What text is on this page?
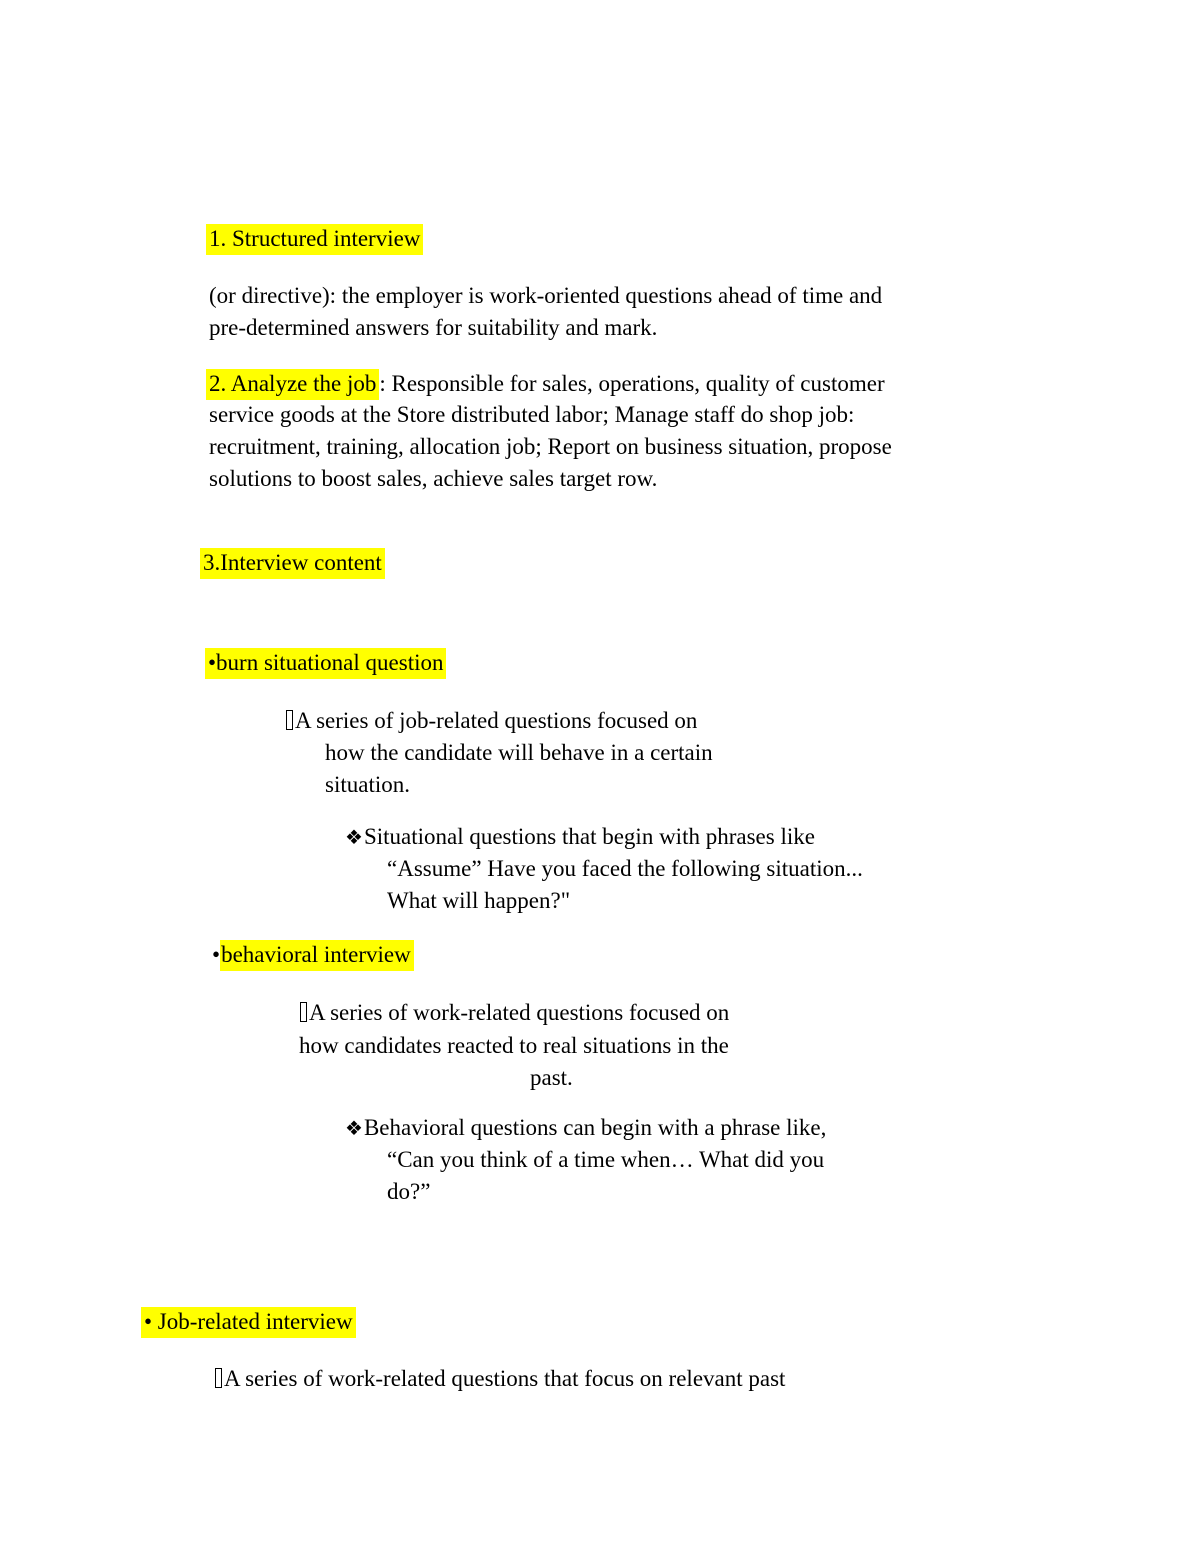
1. Structured interview
(or directive): the employer is work-oriented questions ahead of time and
pre-determined answers for suitability and mark.
2. Analyze the job : Responsible for sales, operations, quality of customer
service goods at the Store distributed labor; Manage staff do shop job:
recruitment, training, allocation job; Report on business situation, propose
solutions to boost sales, achieve sales target row.
3.Interview content
•burn situational question
A series of job-related questions focused on
how the candidate will behave in a certain
situation.
❖Situational questions that begin with phrases like
“Assume” Have you faced the following situation...
What will happen?"
•behavioral interview
A series of work-related questions focused on
how candidates reacted to real situations in the
past.
❖Behavioral questions can begin with a phrase like,
“Can you think of a time when… What did you
do?”
• Job-related interview
A series of work-related questions that focus on relevant past
